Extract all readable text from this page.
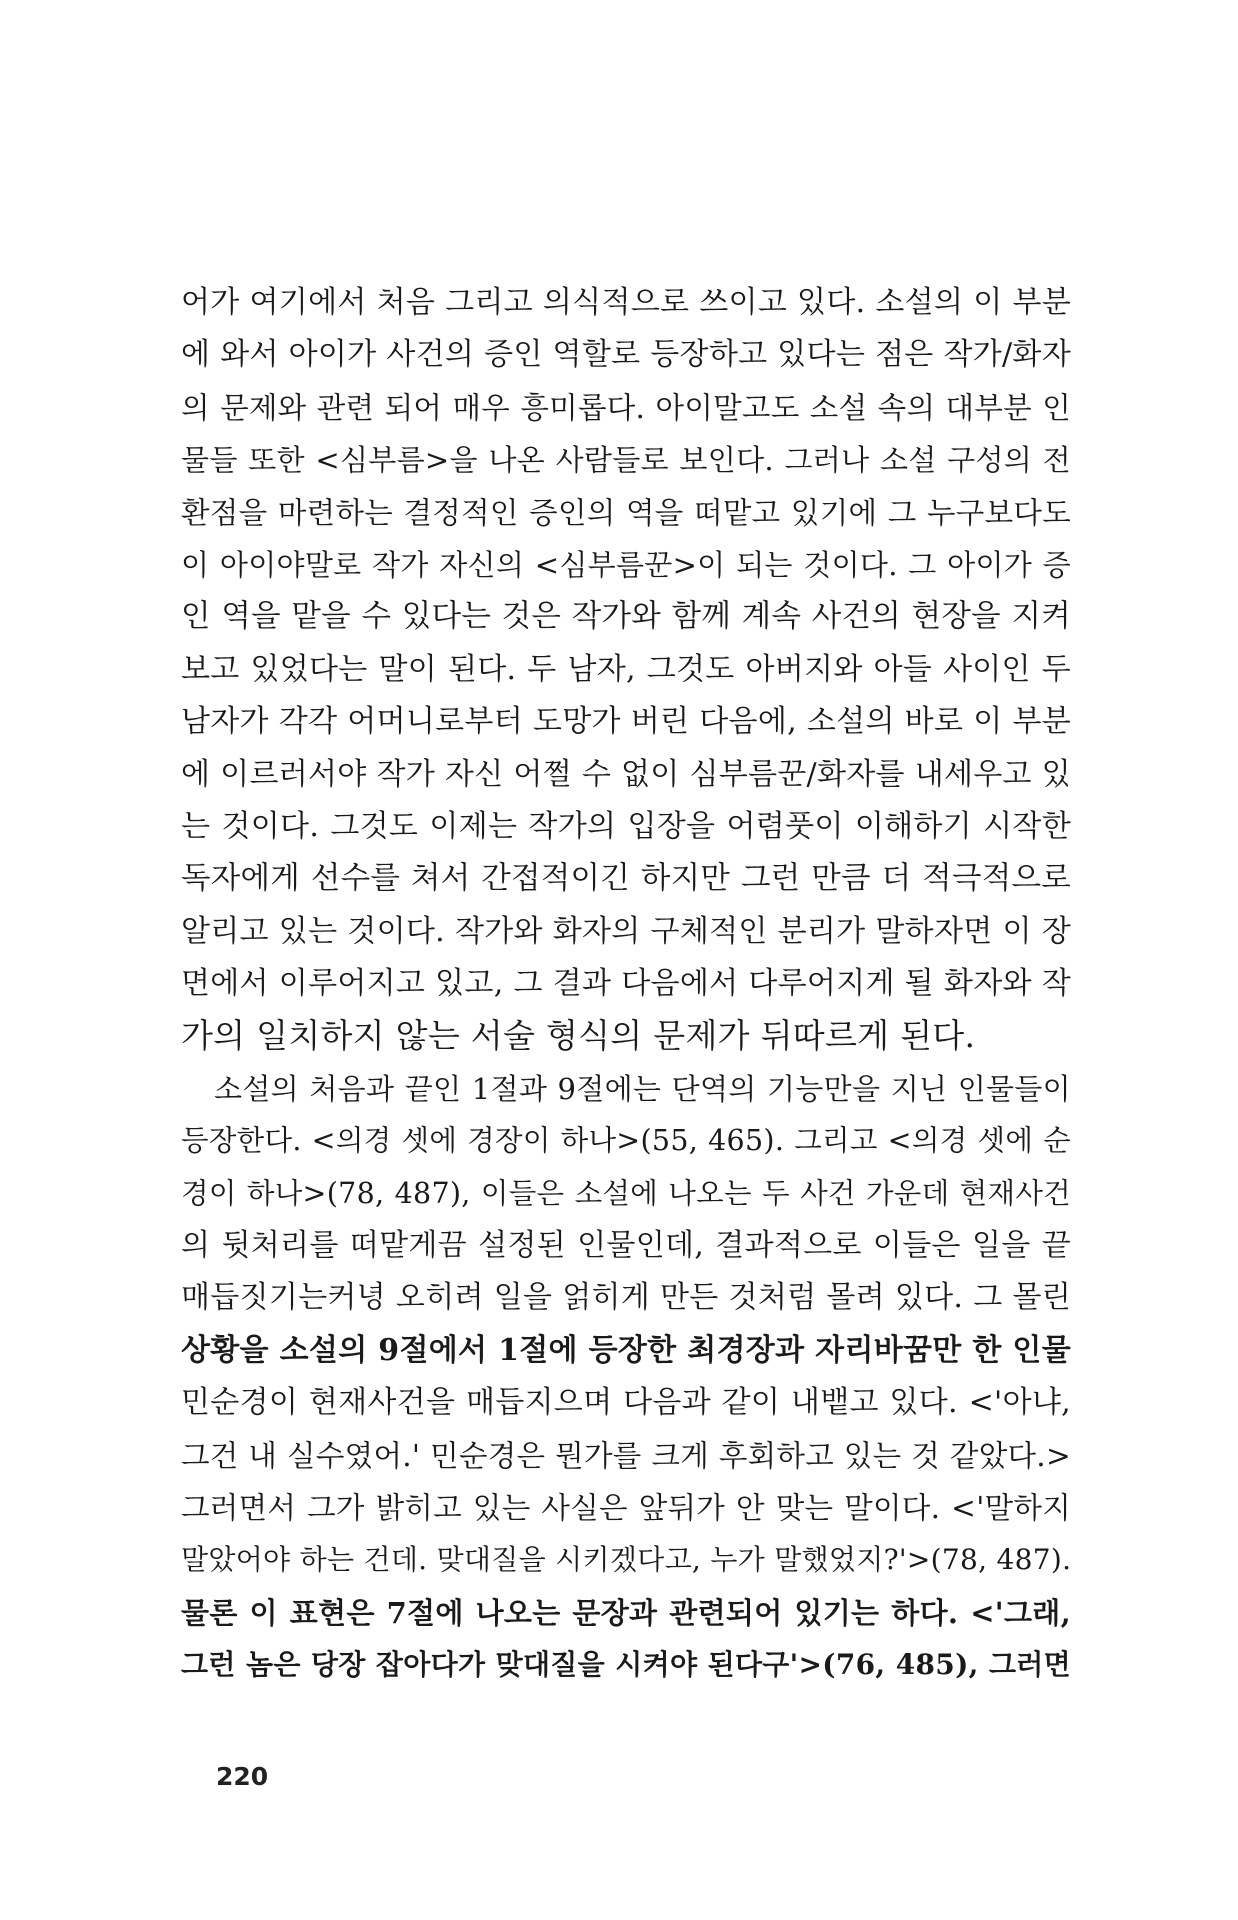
어가 여기에서 처음 그리고 의식적으로 쓰이고 있다. 소설의 이 부분
에 와서 아이가 사건의 증인 역할로 등장하고 있다는 점은 작가/화자
의 문제와 관련 되어 매우 흥미롭다. 아이말고도 소설 속의 대부분 인
물들 또한 <심부름>을 나온 사람들로 보인다. 그러나 소설 구성의 전
환점을 마련하는 결정적인 증인의 역을 떠맡고 있기에 그 누구보다도
이 아이야말로 작가 자신의 <심부름꾼>이 되는 것이다. 그 아이가 증
인 역을 맡을 수 있다는 것은 작가와 함께 계속 사건의 현장을 지켜
보고 있었다는 말이 된다. 두 남자, 그것도 아버지와 아들 사이인 두
남자가 각각 어머니로부터 도망가 버린 다음에, 소설의 바로 이 부분
에 이르러서야 작가 자신 어쩔 수 없이 심부름꾼/화자를 내세우고 있
는 것이다. 그것도 이제는 작가의 입장을 어렴풋이 이해하기 시작한
독자에게 선수를 쳐서 간접적이긴 하지만 그런 만큼 더 적극적으로
알리고 있는 것이다. 작가와 화자의 구체적인 분리가 말하자면 이 장
면에서 이루어지고 있고, 그 결과 다음에서 다루어지게 될 화자와 작
가의 일치하지 않는 서술 형식의 문제가 뒤따르게 된다.
소설의 처음과 끝인 1절과 9절에는 단역의 기능만을 지닌 인물들이
등장한다. <의경 셋에 경장이 하나>(55, 465). 그리고 <의경 셋에 순
경이 하나>(78, 487), 이들은 소설에 나오는 두 사건 가운데 현재사건
의 뒷처리를 떠맡게끔 설정된 인물인데, 결과적으로 이들은 일을 끝
매듭짓기는커녕 오히려 일을 얽히게 만든 것처럼 몰려 있다. 그 몰린
상황을 소설의 9절에서 1절에 등장한 최경장과 자리바꿈만 한 인물
민순경이 현재사건을 매듭지으며 다음과 같이 내뱉고 있다. <'아냐,
그건 내 실수였어.' 민순경은 뭔가를 크게 후회하고 있는 것 같았다.>
그러면서 그가 밝히고 있는 사실은 앞뒤가 안 맞는 말이다. <'말하지
말았어야 하는 건데. 맞대질을 시키겠다고, 누가 말했었지?'>(78, 487).
물론 이 표현은 7절에 나오는 문장과 관련되어 있기는 하다. <'그래,
그런 놈은 당장 잡아다가 맞대질을 시켜야 된다구'>(76, 485), 그러면
220
